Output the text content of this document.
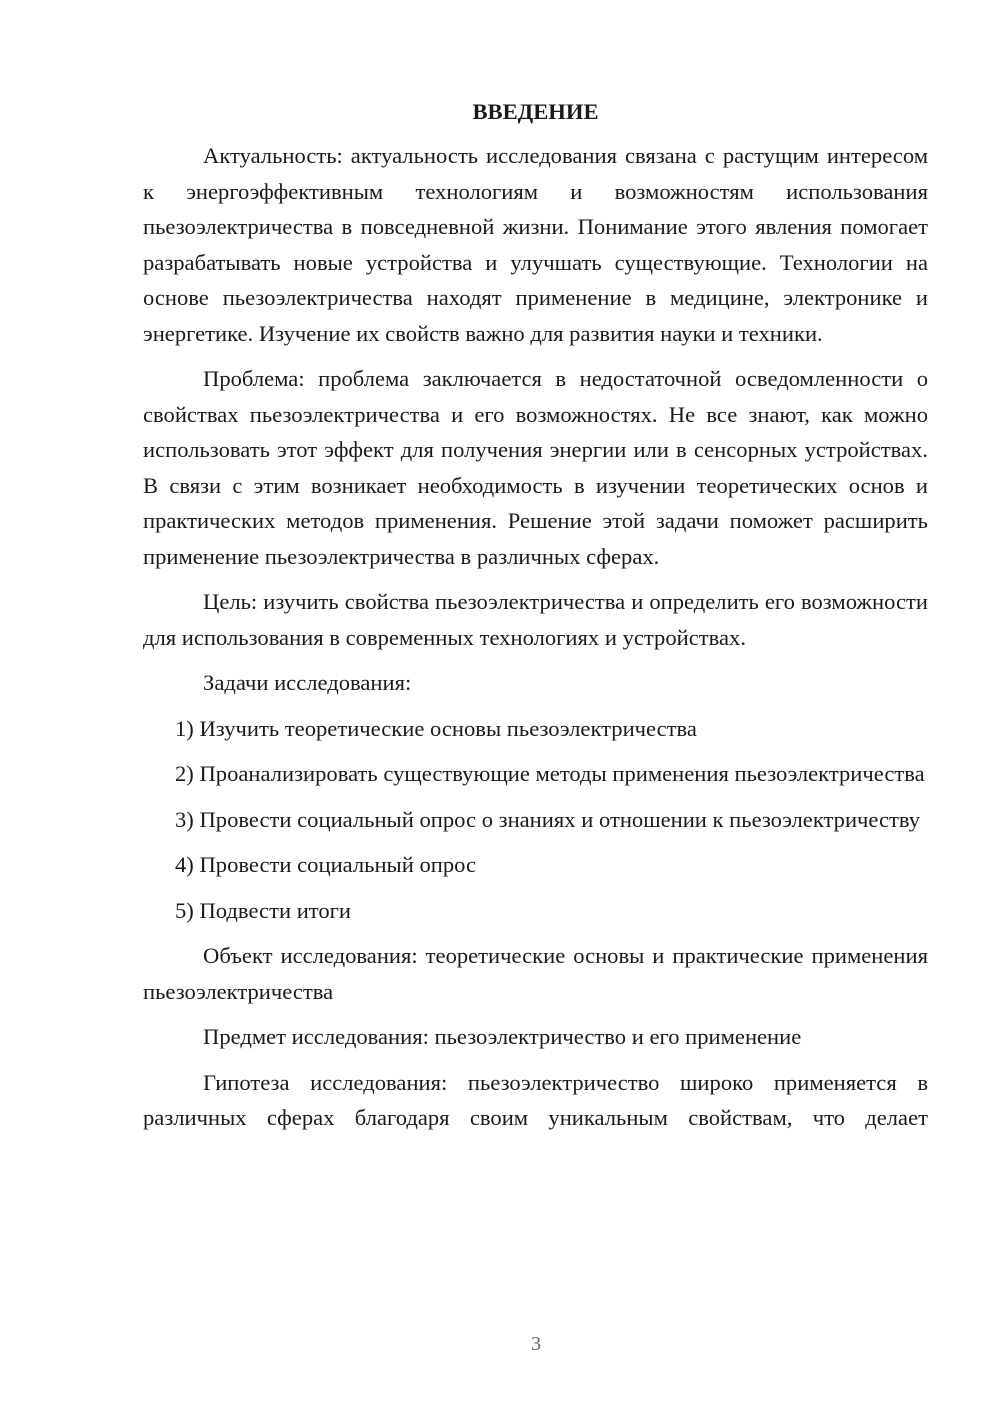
ВВЕДЕНИЕ

Актуальность: актуальность исследования связана с растущим интересом к энергоэффективным технологиям и возможностям использования пьезоэлектричества в повседневной жизни. Понимание этого явления помогает разрабатывать новые устройства и улучшать существующие. Технологии на основе пьезоэлектричества находят применение в медицине, электронике и энергетике. Изучение их свойств важно для развития науки и техники.

Проблема: проблема заключается в недостаточной осведомленности о свойствах пьезоэлектричества и его возможностях. Не все знают, как можно использовать этот эффект для получения энергии или в сенсорных устройствах. В связи с этим возникает необходимость в изучении теоретических основ и практических методов применения. Решение этой задачи поможет расширить применение пьезоэлектричества в различных сферах.

Цель: изучить свойства пьезоэлектричества и определить его возможности для использования в современных технологиях и устройствах.

Задачи исследования:

1) Изучить теоретические основы пьезоэлектричества

2) Проанализировать существующие методы применения пьезоэлектричества

3) Провести социальный опрос о знаниях и отношении к пьезоэлектричеству

4) Провести социальный опрос

5) Подвести итоги

Объект исследования: теоретические основы и практические применения пьезоэлектричества

Предмет исследования: пьезоэлектричество и его применение

Гипотеза исследования: пьезоэлектричество широко применяется в различных сферах благодаря своим уникальным свойствам, что делает

3
